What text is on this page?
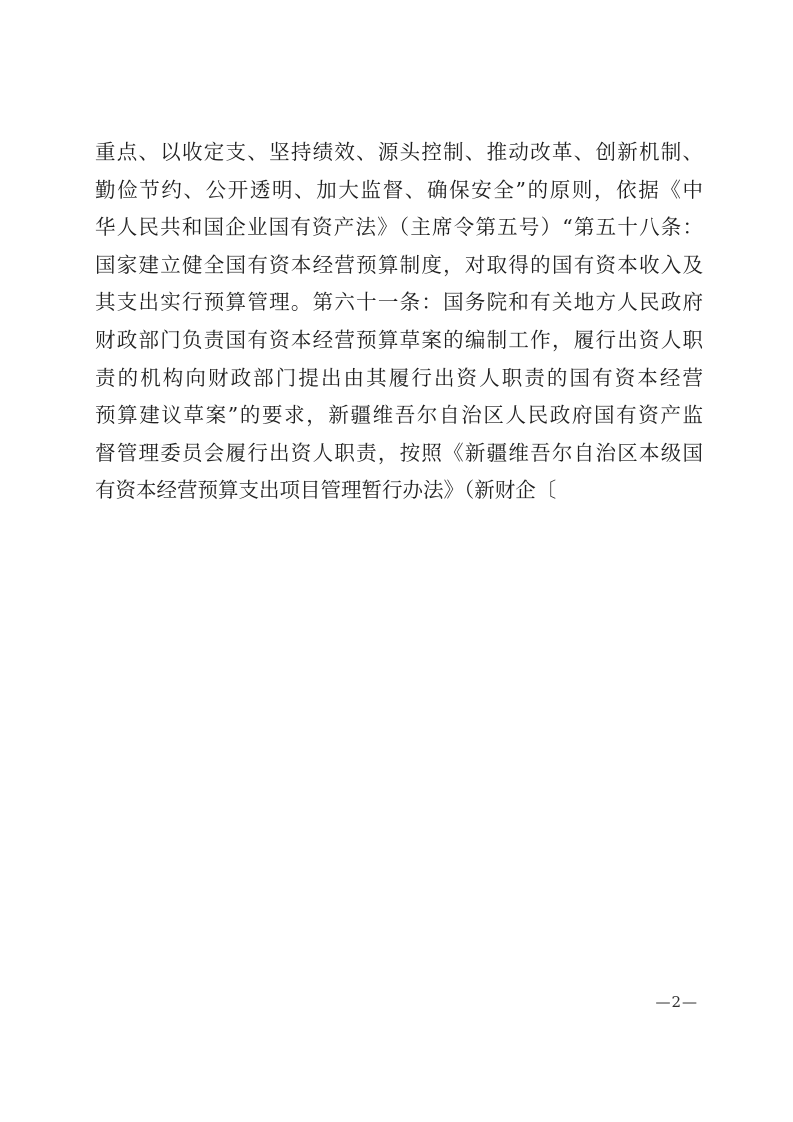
重点、以收定支、坚持绩效、源头控制、推动改革、创新机制、
勤俭节约、公开透明、加大监督、确保安全”的原则，依据《中
华人民共和国企业国有资产法》（主席令第五号）“第五十八条：
国家建立健全国有资本经营预算制度，对取得的国有资本收入及
其支出实行预算管理。第六十一条：国务院和有关地方人民政府
财政部门负责国有资本经营预算草案的编制工作，履行出资人职
责的机构向财政部门提出由其履行出资人职责的国有资本经营
预算建议草案”的要求，新疆维吾尔自治区人民政府国有资产监
督管理委员会履行出资人职责，按照《新疆维吾尔自治区本级国
有资本经营预算支出项目管理暂行办法》（新财企〔
—2—
